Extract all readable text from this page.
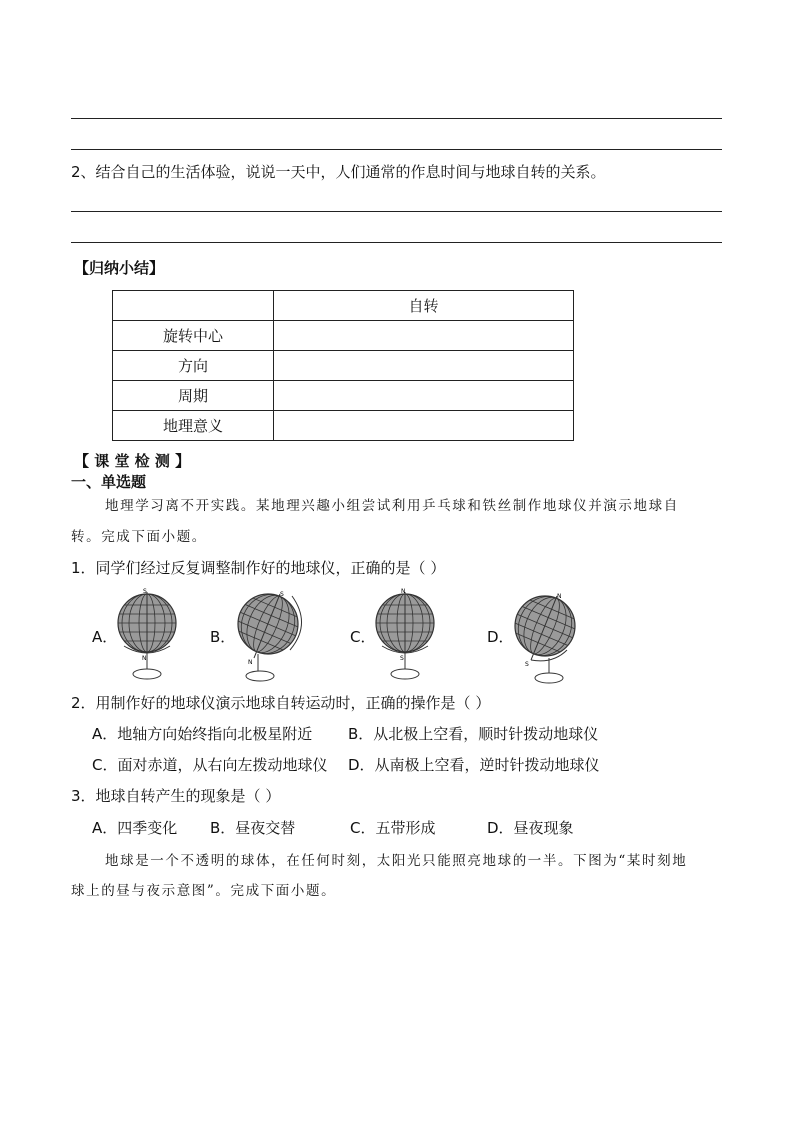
2、结合自己的生活体验，说说一天中，人们通常的作息时间与地球自转的关系。
【归纳小结】
	自转
旋转中心	
方向	
周期	
地理意义	
【 课 堂 检 测 】
一、单选题
地理学习离不开实践。某地理兴趣小组尝试利用乒乓球和铁丝制作地球仪并演示地球自
转。完成下面小题。
1．同学们经过反复调整制作好的地球仪，正确的是（ ）
A．	B．	C．	D．
S
N
S
N
N
S
N
S
2．用制作好的地球仪演示地球自转运动时，正确的操作是（ ）
A．地轴方向始终指向北极星附近 B．从北极上空看，顺时针拨动地球仪
C．面对赤道，从右向左拨动地球仪 D．从南极上空看，逆时针拨动地球仪
3．地球自转产生的现象是（ ）
A．四季变化 B．昼夜交替	C．五带形成	D．昼夜现象
地球是一个不透明的球体，在任何时刻，太阳光只能照亮地球的一半。下图为“某时刻地
球上的昼与夜示意图”。完成下面小题。
